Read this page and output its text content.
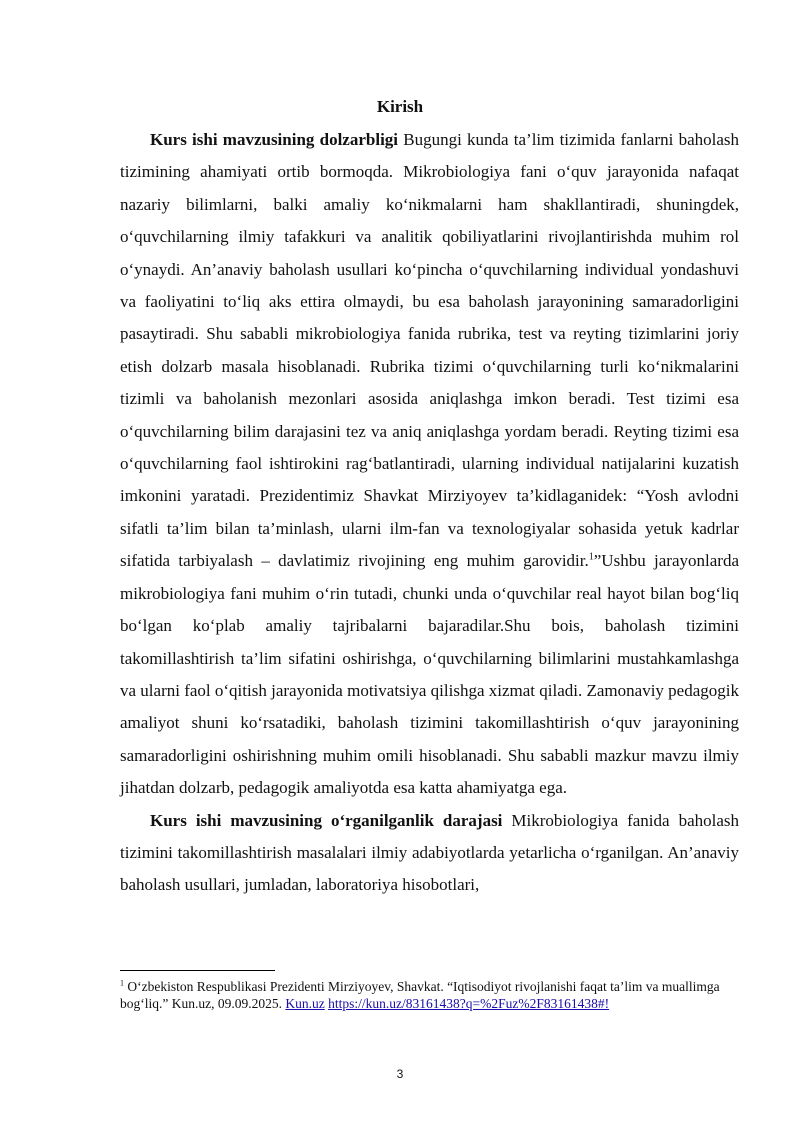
Kirish

Kurs ishi mavzusining dolzarbligi Bugungi kunda ta’lim tizimida fanlarni baholash tizimining ahamiyati ortib bormoqda. Mikrobiologiya fani o‘quv jarayonida nafaqat nazariy bilimlarni, balki amaliy ko‘nikmalarni ham shakllantiradi, shuningdek, o‘quvchilarning ilmiy tafakkuri va analitik qobiliyatlarini rivojlantirishda muhim rol o‘ynaydi. An’anaviy baholash usullari ko‘pincha o‘quvchilarning individual yondashuvi va faoliyatini to‘liq aks ettira olmaydi, bu esa baholash jarayonining samaradorligini pasaytiradi. Shu sababli mikrobiologiya fanida rubrika, test va reyting tizimlarini joriy etish dolzarb masala hisoblanadi. Rubrika tizimi o‘quvchilarning turli ko‘nikmalarini tizimli va baholanish mezonlari asosida aniqlashga imkon beradi. Test tizimi esa o‘quvchilarning bilim darajasini tez va aniq aniqlashga yordam beradi. Reyting tizimi esa o‘quvchilarning faol ishtirokini rag‘batlantiradi, ularning individual natijalarini kuzatish imkonini yaratadi. Prezidentimiz Shavkat Mirziyoyev ta’kidlaganidek: “Yosh avlodni sifatli ta’lim bilan ta’minlash, ularni ilm-fan va texnologiyalar sohasida yetuk kadrlar sifatida tarbiyalash – davlatimiz rivojining eng muhim garovidir.$^1$”Ushbu jarayonlarda mikrobiologiya fani muhim o‘rin tutadi, chunki unda o‘quvchilar real hayot bilan bog‘liq bo‘lgan ko‘plab amaliy tajribalarni bajaradilar.Shu bois, baholash tizimini takomillashtirish ta’lim sifatini oshirishga, o‘quvchilarning bilimlarini mustahkamlashga va ularni faol o‘qitish jarayonida motivatsiya qilishga xizmat qiladi. Zamonaviy pedagogik amaliyot shuni ko‘rsatadiki, baholash tizimini takomillashtirish o‘quv jarayonining samaradorligini oshirishning muhim omili hisoblanadi. Shu sababli mazkur mavzu ilmiy jihatdan dolzarb, pedagogik amaliyotda esa katta ahamiyatga ega.

Kurs ishi mavzusining o‘rganilganlik darajasi Mikrobiologiya fanida baholash tizimini takomillashtirish masalalari ilmiy adabiyotlarda yetarlicha o‘rganilgan. An’anaviy baholash usullari, jumladan, laboratoriya hisobotlari,

$^1$ O‘zbekiston Respublikasi Prezidenti Mirziyoyev, Shavkat. “Iqtisodiyot rivojlanishi faqat ta’lim va muallimga bog‘liq.” Kun.uz, 09.09.2025. Kun.uz https://kun.uz/83161438?q=%2Fuz%2F83161438#!
3
